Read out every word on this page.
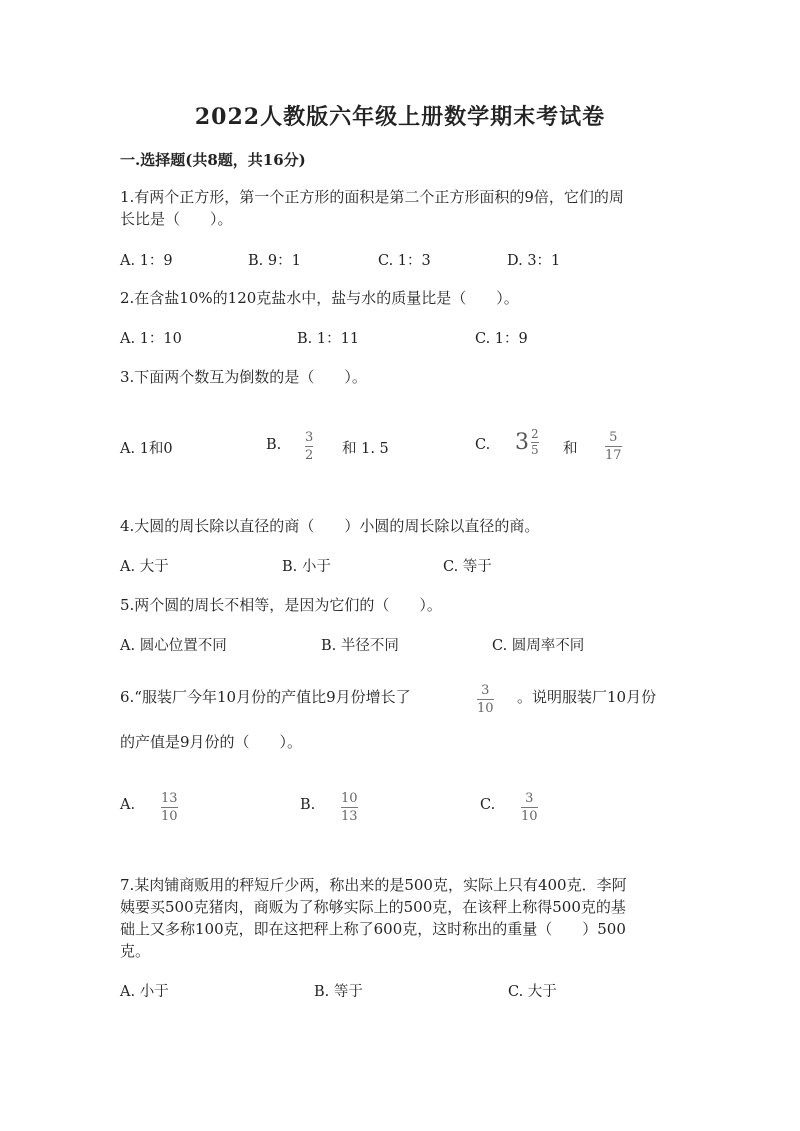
2022人教版六年级上册数学期末考试卷
一.选择题(共8题，共16分)
1.有两个正方形，第一个正方形的面积是第二个正方形面积的9倍，它们的周
长比是（　　）。
A. 1：9	B. 9：1	C. 1：3	D. 3：1
2.在含盐10%的120克盐水中，盐与水的质量比是（　　）。
A. 1：10	B. 1：11	C. 1：9
3.下面两个数互为倒数的是（　　）。
A. 1和0	B. 3
2 和 1. 5	C. $3 \frac{2}{5}$ 和
5
17
4.大圆的周长除以直径的商（　　）小圆的周长除以直径的商。
A. 大于	B. 小于	C. 等于
5.两个圆的周长不相等，是因为它们的（　　）。
A. 圆心位置不同	B. 半径不同	C. 圆周率不同
6.“服装厂今年10月份的产值比9月份增长了	3
10
。说明服装厂10月份
的产值是9月份的（　　）。
A. 13
10
B. 10
13
C. 3
10
7.某肉铺商贩用的秤短斤少两，称出来的是500克，实际上只有400克．李阿
姨要买500克猪肉，商贩为了称够实际上的500克，在该秤上称得500克的基
础上又多称100克，即在这把秤上称了600克，这时称出的重量（　　）500
克。
A. 小于	B. 等于	C. 大于
